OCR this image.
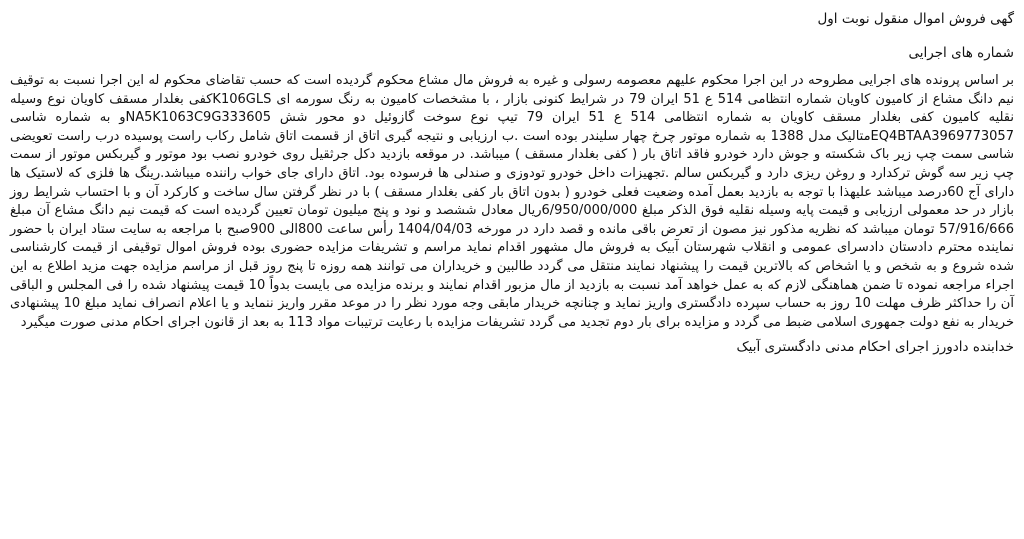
گهی فروش اموال منقول نوبت اول

شماره های اجرایی

بر اساس پرونده های اجرایی مطروحه در این اجرا محکوم علیهم معصومه رسولی و غیره به فروش مال مشاع محکوم گردیده است که حسب تقاضای محکوم له این اجرا نسبت به توقیف نیم دانگ مشاع از کامیون کاویان شماره انتظامی 514 ع 51 ایران 79 در شرایط کنونی بازار ، با مشخصات کامیون به رنگ سورمه ای K106GLSکفی بغلدار مسقف کاویان نوع وسیله نقلیه کامیون کفی بغلدار مسقف کاویان به شماره انتظامی 514 ع 51 ایران 79 تیپ نوع سوخت گازوئیل دو محور شش NA5K1063C9G333605و به شماره شاسی EQ4BTAA3969773057متالیک مدل 1388 به شماره موتور چرخ چهار سلیندر بوده است .ب ارزیابی و نتیجه گیری اتاق از قسمت اتاق شامل رکاب راست پوسیده درب راست تعویضی شاسی سمت چپ زیر باک شکسته و جوش دارد خودرو فاقد اتاق بار ( کفی بغلدار مسقف ) میباشد. در موقعه بازدید دکل جرثقیل روی خودرو نصب بود موتور و گیربکس موتور از سمت چپ زیر سه گوش ترکدارد و روغن ریزی دارد و گیربکس سالم .تجهیزات داخل خودرو تودوزی و صندلی ها فرسوده بود. اتاق دارای جای خواب راننده میباشد.رینگ ها فلزی که لاستیک ها دارای آج 60درصد میباشد علیهذا با توجه به بازدید بعمل آمده وضعیت فعلی خودرو ( بدون اتاق بار کفی بغلدار مسقف ) با در نظر گرفتن سال ساخت و کارکرد آن و با احتساب شرایط روز بازار در حد معمولی ارزیابی و قیمت پایه وسیله نقلیه فوق الذکر مبلغ 6/950/000/000ریال معادل ششصد و نود و پنج میلیون تومان تعیین گردیده است که قیمت نیم دانگ مشاع آن مبلغ 57/916/666 تومان میباشد که نظریه مذکور نیز مصون از تعرض باقی مانده و قصد دارد در مورخه 1404/04/03 رأس ساعت 800الی 900صبح با مراجعه به سایت ستاد ایران با حضور نماینده محترم دادستان دادسرای عمومی و انقلاب شهرستان آبیک به فروش مال مشهور اقدام نماید مراسم و تشریفات مزایده حضوری بوده فروش اموال توقیفی از قیمت کارشناسی شده شروع و به شخص و یا اشخاص که بالاترین قیمت را پیشنهاد نمایند منتقل می گردد طالبین و خریداران می توانند همه روزه تا پنج روز قبل از مراسم مزایده جهت مزید اطلاع به این اجراء مراجعه نموده تا ضمن هماهنگی لازم که به عمل خواهد آمد نسبت به بازدید از مال مزبور اقدام نمایند و برنده مزایده می بایست بدواً 10 قیمت پیشنهاد شده را فی المجلس و الباقی آن را حداکثر ظرف مهلت 10 روز به حساب سپرده دادگستری واریز نماید و چنانچه خریدار مابقی وجه مورد نظر را در موعد مقرر واریز ننماید و یا اعلام انصراف نماید مبلغ 10 پیشنهادی خریدار به نفع دولت جمهوری اسلامی ضبط می گردد و مزایده برای بار دوم تجدید می گردد تشریفات مزایده با رعایت ترتیبات مواد 113 به بعد از قانون اجرای احکام مدنی صورت میگیرد

خدابنده دادورز اجرای احکام مدنی دادگستری آبیک
